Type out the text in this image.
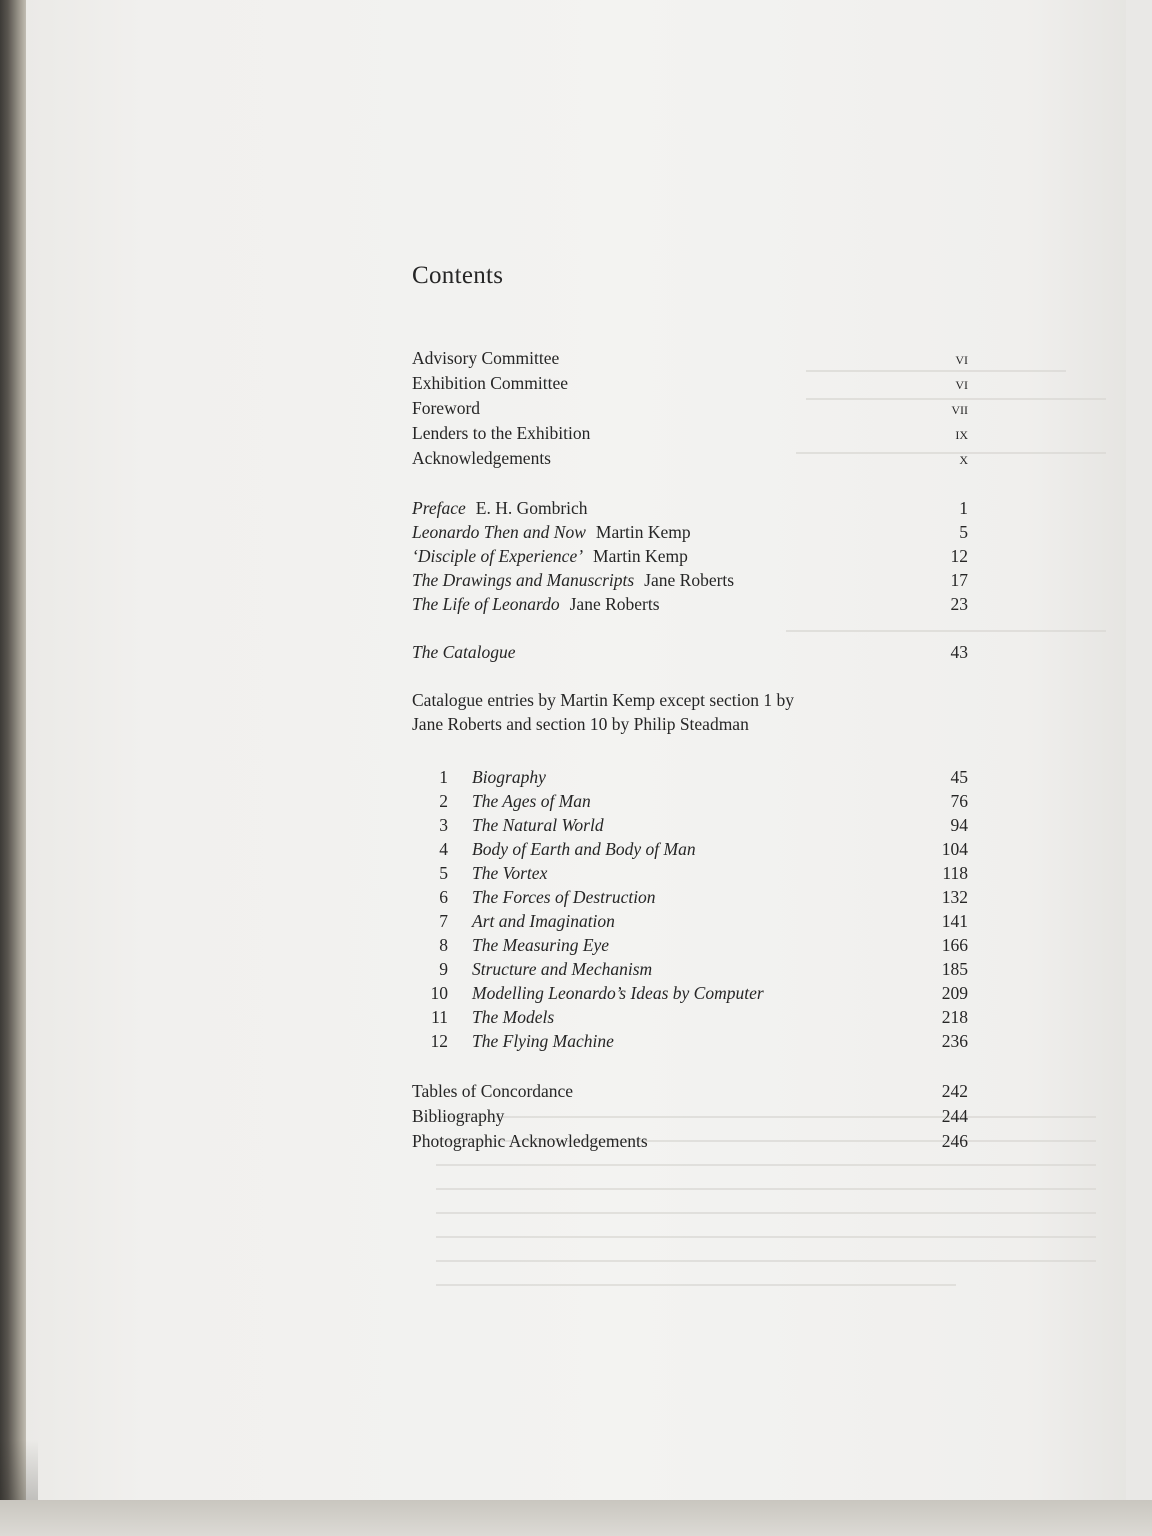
Contents
Advisory Committee	vi
Exhibition Committee	vi
Foreword	vii
Lenders to the Exhibition	ix
Acknowledgements	x
Preface E. H. Gombrich	1
Leonardo Then and Now Martin Kemp	5
‘Disciple of Experience’ Martin Kemp	12
The Drawings and Manuscripts Jane Roberts	17
The Life of Leonardo Jane Roberts	23
The Catalogue	43
Catalogue entries by Martin Kemp except section 1 by
Jane Roberts and section 10 by Philip Steadman
1 Biography	45
2 The Ages of Man	76
3 The Natural World	94
4 Body of Earth and Body of Man	104
5 The Vortex	118
6 The Forces of Destruction	132
7 Art and Imagination	141
8 The Measuring Eye	166
9 Structure and Mechanism	185
10 Modelling Leonardo’s Ideas by Computer	209
11 The Models	218
12 The Flying Machine	236
Tables of Concordance	242
Bibliography	244
Photographic Acknowledgements	246
